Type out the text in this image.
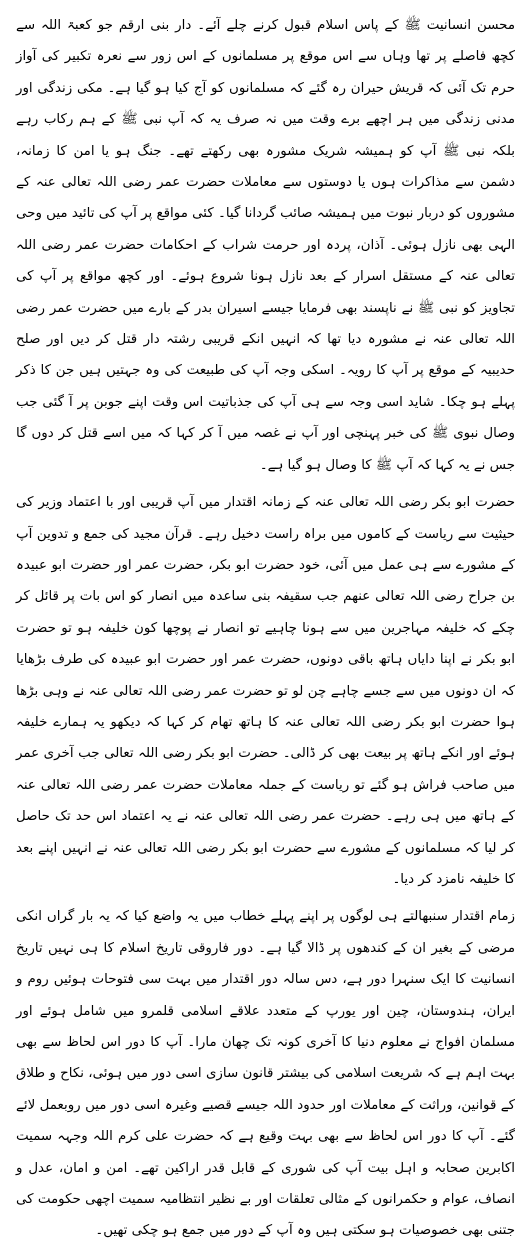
محسن انسانیت ﷺ کے پاس اسلام قبول کرنے چلے آئے۔ دار بنی ارقم جو کعبۃ اللہ سے کچھ فاصلے پر تھا وہاں سے اس موقع پر مسلمانوں کے اس زور سے نعرہ تکبیر کی آواز حرم تک آئی کہ قریش حیران رہ گئے کہ مسلمانوں کو آج کیا ہو گیا ہے۔ مکی زندگی اور مدنی زندگی میں ہر اچھے برے وقت میں نہ صرف یہ کہ آپ نبی ﷺ کے ہم رکاب رہے بلکہ نبی ﷺ آپ کو ہمیشہ شریک مشورہ بھی رکھتے تھے۔ جنگ ہو یا امن کا زمانہ، دشمن سے مذاکرات ہوں یا دوستوں سے معاملات حضرت عمر رضی اللہ تعالی عنہ کے مشوروں کو دربار نبوت میں ہمیشہ صائب گردانا گیا۔ کئی مواقع پر آپ کی تائید میں وحی الہی بھی نازل ہوئی۔ آذان، پردہ اور حرمت شراب کے احکامات حضرت عمر رضی اللہ تعالی عنہ کے مستقل اسرار کے بعد نازل ہونا شروع ہوئے۔ اور کچھ مواقع پر آپ کی تجاویز کو نبی ﷺ نے ناپسند بھی فرمایا جیسے اسیران بدر کے بارے میں حضرت عمر رضی اللہ تعالی عنہ نے مشورہ دیا تھا کہ انہیں انکے قریبی رشتہ دار قتل کر دیں اور صلح حدیبیہ کے موقع پر آپ کا رویہ۔ اسکی وجہ آپ کی طبیعت کی وہ جہتیں ہیں جن کا ذکر پہلے ہو چکا۔ شاید اسی وجہ سے ہی آپ کی جذباتیت اس وقت اپنے جوبن پر آ گئی جب وصال نبوی ﷺ کی خبر پہنچی اور آپ نے غصہ میں آ کر کہا کہ میں اسے قتل کر دوں گا جس نے یہ کہا کہ آپ ﷺ کا وصال ہو گیا ہے۔

حضرت ابو بکر رضی اللہ تعالی عنہ کے زمانہ اقتدار میں آپ قریبی اور با اعتماد وزیر کی حیثیت سے ریاست کے کاموں میں براہ راست دخیل رہے۔ قرآن مجید کی جمع و تدوین آپ کے مشورے سے ہی عمل میں آئی، خود حضرت ابو بکر، حضرت عمر اور حضرت ابو عبیدہ بن جراح رضی اللہ تعالی عنھم جب سقیفہ بنی ساعدہ میں انصار کو اس بات پر قائل کر چکے کہ خلیفہ مہاجرین میں سے ہونا چاہیے تو انصار نے پوچھا کون خلیفہ ہو تو حضرت ابو بکر نے اپنا دایاں ہاتھ باقی دونوں، حضرت عمر اور حضرت ابو عبیدہ کی طرف بڑھایا کہ ان دونوں میں سے جسے چاہے چن لو تو حضرت عمر رضی اللہ تعالی عنہ نے وہی بڑھا ہوا حضرت ابو بکر رضی اللہ تعالی عنہ کا ہاتھ تھام کر کہا کہ دیکھو یہ ہمارے خلیفہ ہوئے اور انکے ہاتھ پر بیعت بھی کر ڈالی۔ حضرت ابو بکر رضی اللہ تعالی جب آخری عمر میں صاحب فراش ہو گئے تو ریاست کے جملہ معاملات حضرت عمر رضی اللہ تعالی عنہ کے ہاتھ میں ہی رہے۔ حضرت عمر رضی اللہ تعالی عنہ نے یہ اعتماد اس حد تک حاصل کر لیا کہ مسلمانوں کے مشورے سے حضرت ابو بکر رضی اللہ تعالی عنہ نے انہیں اپنے بعد کا خلیفہ نامزد کر دیا۔

زمام اقتدار سنبھالتے ہی لوگوں پر اپنے پہلے خطاب میں یہ واضع کیا کہ یہ بار گراں انکی مرضی کے بغیر ان کے کندھوں پر ڈالا گیا ہے۔ دور فاروقی تاریخ اسلام کا ہی نہیں تاریخ انسانیت کا ایک سنہرا دور ہے، دس سالہ دور اقتدار میں بہت سی فتوحات ہوئیں روم و ایران، ہندوستان، چین اور یورپ کے متعدد علاقے اسلامی قلمرو میں شامل ہوئے اور مسلمان افواج نے معلوم دنیا کا آخری کونہ تک چھان مارا۔ آپ کا دور اس لحاظ سے بھی بہت اہم ہے کہ شریعت اسلامی کی بیشتر قانون سازی اسی دور میں ہوئی، نکاح و طلاق کے قوانین، وراثت کے معاملات اور حدود اللہ جیسے قصیے وغیرہ اسی دور میں روبعمل لائے گئے۔ آپ کا دور اس لحاظ سے بھی بہت وقیع ہے کہ حضرت علی کرم اللہ وجہہ سمیت اکابرین صحابہ و اہل بیت آپ کی شوری کے قابل قدر اراکین تھے۔ امن و امان، عدل و انصاف، عوام و حکمرانوں کے مثالی تعلقات اور بے نظیر انتظامیہ سمیت اچھی حکومت کی جتنی بھی خصوصیات ہو سکتی ہیں وہ آپ کے دور میں جمع ہو چکی تھیں۔
